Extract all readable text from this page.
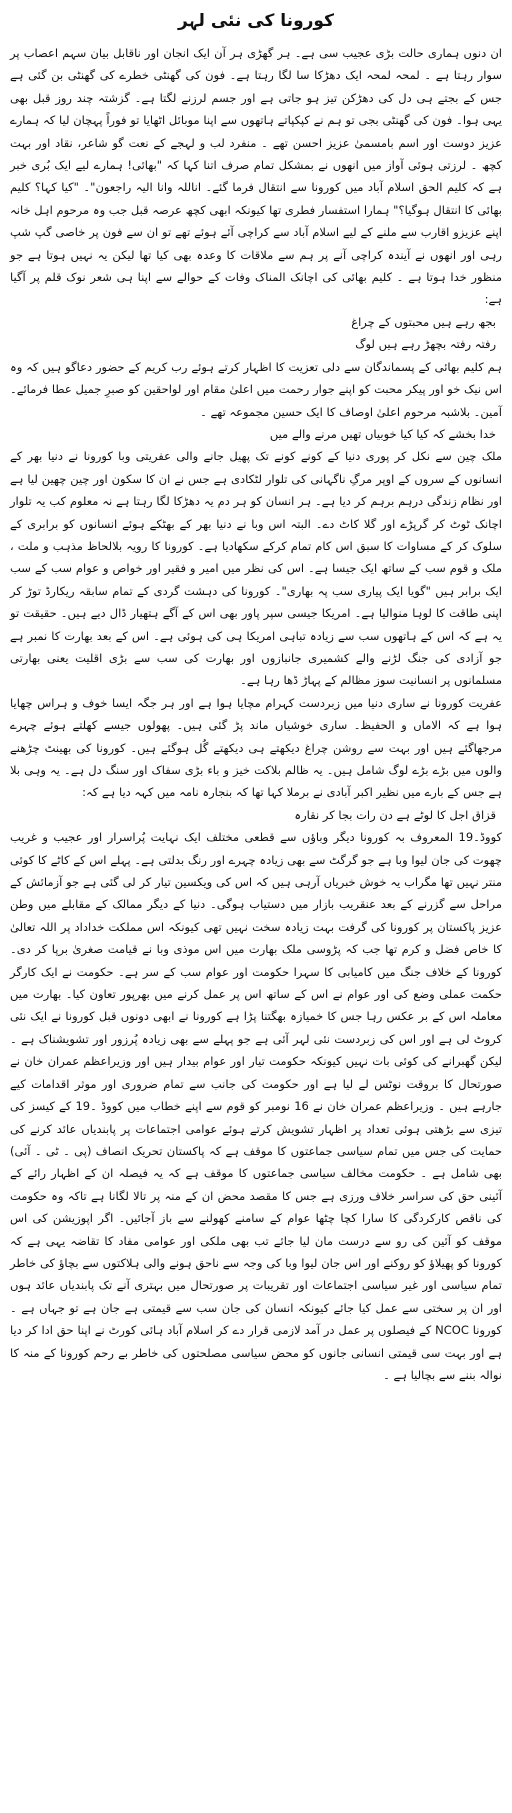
کورونا کی نئی لہر

ان دنوں ہماری حالت بڑی عجیب سی ہے۔ ہر گھڑی ہر آن ایک انجان اور ناقابل بیان سہم اعصاب پر سوار رہتا ہے ۔ لمحہ لمحہ ایک دھڑکا سا لگا رہتا ہے۔ فون کی گھنٹی خطرے کی گھنٹی بن گئی ہے جس کے بجتے ہی دل کی دھڑکن تیز ہو جاتی ہے اور جسم لرزنے لگتا ہے۔ گزشتہ چند روز قبل بھی یہی ہوا۔ فون کی گھنٹی بجی تو ہم نے کپکپاتے ہاتھوں سے اپنا موبائل اٹھایا تو فوراً پہچان لیا کہ ہمارے عزیز دوست اور اسم بامسمیٰ عزیز احسن تھے ۔ منفرد لب و لہجے کے نعت گو شاعر، نقاد اور بہت کچھ ۔ لرزتی ہوئی آواز میں انھوں نے بمشکل تمام صرف اتنا کہا کہ "بھائی! ہمارے لیے ایک بُری خبر ہے کہ کلیم الحق اسلام آباد میں کورونا سے انتقال فرما گئے۔ اناللہ وانا الیہ راجعون"۔ "کیا کہا؟ کلیم بھائی کا انتقال ہوگیا؟" ہمارا استفسار فطری تھا کیونکہ ابھی کچھ عرصہ قبل جب وہ مرحوم اہل خانہ اپنے عزیزو اقارب سے ملنے کے لیے اسلام آباد سے کراچی آئے ہوئے تھے تو ان سے فون پر خاصی گپ شپ رہی اور انھوں نے آیندہ کراچی آنے پر ہم سے ملاقات کا وعدہ بھی کیا تھا لیکن یہ نہیں ہوتا ہے جو منظور خدا ہوتا ہے ۔ کلیم بھائی کی اچانک المناک وفات کے حوالے سے اپنا ہی شعر نوک قلم پر آگیا ہے:

بجھ رہے ہیں محبتوں کے چراغ

رفتہ رفتہ بچھڑ رہے ہیں لوگ

ہم کلیم بھائی کے پسماندگان سے دلی تعزیت کا اظہار کرتے ہوئے رب کریم کے حضور دعاگو ہیں کہ وہ اس نیک خو اور پیکر محبت کو اپنے جوار رحمت میں اعلیٰ مقام اور لواحقین کو صبرِ جمیل عطا فرمائے۔ آمین۔ بلاشبہ مرحوم اعلیٰ اوصاف کا ایک حسین مجموعہ تھے ۔

خدا بخشے کہ کیا کیا خوبیاں تھیں مرنے والے میں

ملک چین سے نکل کر پوری دنیا کے کونے کونے تک پھیل جانے والی عفریتی وبا کورونا نے دنیا بھر کے انسانوں کے سروں کے اوپر مرگِ ناگہانی کی تلوار لٹکادی ہے جس نے ان کا سکون اور چین چھین لیا ہے اور نظام زندگی درہم برہم کر دیا ہے۔ ہر انسان کو ہر دم یہ دھڑکا لگا رہتا ہے نہ معلوم کب یہ تلوار اچانک ٹوٹ کر گرپڑے اور گلا کاٹ دے۔ البتہ اس وبا نے دنیا بھر کے بھٹکے ہوئے انسانوں کو برابری کے سلوک کر کے مساوات کا سبق اس کام تمام کرکے سکھادیا ہے۔ کورونا کا رویہ بلالحاظ مذہب و ملت ، ملک و قوم سب کے ساتھ ایک جیسا ہے۔ اس کی نظر میں امیر و فقیر اور خواص و عوام سب کے سب ایک برابر ہیں "گویا ایک پیاری سب پہ بھاری"۔ کورونا کی دہشت گردی کے تمام سابقہ ریکارڈ توڑ کر اپنی طاقت کا لوہا منوالیا ہے۔ امریکا جیسی سپر پاور بھی اس کے آگے ہتھیار ڈال دیے ہیں۔ حقیقت تو یہ ہے کہ اس کے ہاتھوں سب سے زیادہ تباہی امریکا ہی کی ہوئی ہے۔ اس کے بعد بھارت کا نمبر ہے جو آزادی کی جنگ لڑنے والے کشمیری جانبازوں اور بھارت کی سب سے بڑی اقلیت یعنی بھارتی مسلمانوں پر انسانیت سوز مظالم کے پہاڑ ڈھا رہا ہے۔

عفریت کورونا نے ساری دنیا میں زبردست کہرام مچایا ہوا ہے اور ہر جگہ ایسا خوف و ہراس چھایا ہوا ہے کہ الاماں و الحفیظ۔ ساری خوشیاں ماند پڑ گئی ہیں۔ پھولوں جیسے کھلتے ہوئے چہرے مرجھاگئے ہیں اور بہت سے روشن چراغ دیکھتے ہی دیکھتے گُل ہوگئے ہیں۔ کورونا کی بھینٹ چڑھنے والوں میں بڑے بڑے لوگ شامل ہیں۔ یہ ظالم بلاکت خیز و باء بڑی سفاک اور سنگ دل ہے۔ یہ وہی بلا ہے جس کے بارے میں نظیر اکبر آبادی نے برملا کہا تھا کہ بنجارہ نامہ میں کہہ دیا ہے کہ:

قزاق اجل کا لوٹے ہے دن رات بجا کر نقارہ

کووڈ۔19 المعروف بہ کورونا دیگر وباؤں سے قطعی مختلف ایک نہایت پُراسرار اور عجیب و غریب چھوت کی جان لیوا وبا ہے جو گرگٹ سے بھی زیادہ چہرے اور رنگ بدلتی ہے۔ پہلے اس کے کاٹے کا کوئی منتر نہیں تھا مگراب یہ خوش خبریاں آرہی ہیں کہ اس کی ویکسین تیار کر لی گئی ہے جو آزمائش کے مراحل سے گزرنے کے بعد عنقریب بازار میں دستیاب ہوگی۔ دنیا کے دیگر ممالک کے مقابلے میں وطن عزیز پاکستان پر کورونا کی گرفت بہت زیادہ سخت نہیں تھی کیونکہ اس مملکت خداداد پر اللہ تعالیٰ کا خاص فضل و کرم تھا جب کہ پڑوسی ملک بھارت میں اس موذی وبا نے قیامت صغریٰ برپا کر دی۔ کورونا کے خلاف جنگ میں کامیابی کا سہرا حکومت اور عوام سب کے سر ہے۔ حکومت نے ایک کارگر حکمت عملی وضع کی اور عوام نے اس کے ساتھ اس پر عمل کرنے میں بھرپور تعاون کیا۔ بھارت میں معاملہ اس کے بر عکس رہا جس کا خمیازہ بھگتنا پڑا ہے کورونا نے ابھی دونوں قبل کورونا نے ایک نئی کروٹ لی ہے اور اس کی زبردست نئی لہر آئی ہے جو پہلے سے بھی زیادہ پُرزور اور تشویشناک ہے ۔ لیکن گھبرانے کی کوئی بات نہیں کیونکہ حکومت تیار اور عوام بیدار ہیں اور وزیراعظم عمران خان نے صورتحال کا بروقت نوٹس لے لیا ہے اور حکومت کی جانب سے تمام ضروری اور موثر اقدامات کیے جارہے ہیں ۔ وزیراعظم عمران خان نے 16 نومبر کو قوم سے اپنے خطاب میں کووڈ ۔19 کے کیسز کی تیزی سے بڑھتی ہوئی تعداد پر اظہار تشویش کرتے ہوئے عوامی اجتماعات پر پابندیاں عائد کرنے کی حمایت کی جس میں تمام سیاسی جماعتوں کا موقف ہے کہ پاکستان تحریک انصاف (پی ۔ ٹی ۔ آئی) بھی شامل ہے ۔ حکومت مخالف سیاسی جماعتوں کا موقف ہے کہ یہ فیصلہ ان کے اظہار رائے کے آئینی حق کی سراسر خلاف ورزی ہے جس کا مقصد محض ان کے منہ پر تالا لگانا ہے تاکہ وہ حکومت کی ناقص کارکردگی کا سارا کچا چٹھا عوام کے سامنے کھولنے سے باز آجائیں۔ اگر اپوزیشن کی اس موقف کو آئین کی رو سے درست مان لیا جائے تب بھی ملکی اور عوامی مفاد کا تقاضہ یہی ہے کہ کورونا کو پھیلاؤ کو روکنے اور اس جان لیوا وبا کی وجہ سے ناحق ہونے والی ہلاکتوں سے بچاؤ کی خاطر تمام سیاسی اور غیر سیاسی اجتماعات اور تقریبات پر صورتحال میں بہتری آنے تک پابندیاں عائد ہوں اور ان پر سختی سے عمل کیا جائے کیونکہ انسان کی جان سب سے قیمتی ہے جان ہے تو جہاں ہے ۔ کورونا NCOC کے فیصلوں پر عمل در آمد لازمی قرار دے کر اسلام آباد ہائی کورٹ نے اپنا حق ادا کر دیا ہے اور بہت سی قیمتی انسانی جانوں کو محض سیاسی مصلحتوں کی خاطر بے رحم کورونا کے منہ کا نوالہ بننے سے بچالیا ہے ۔
